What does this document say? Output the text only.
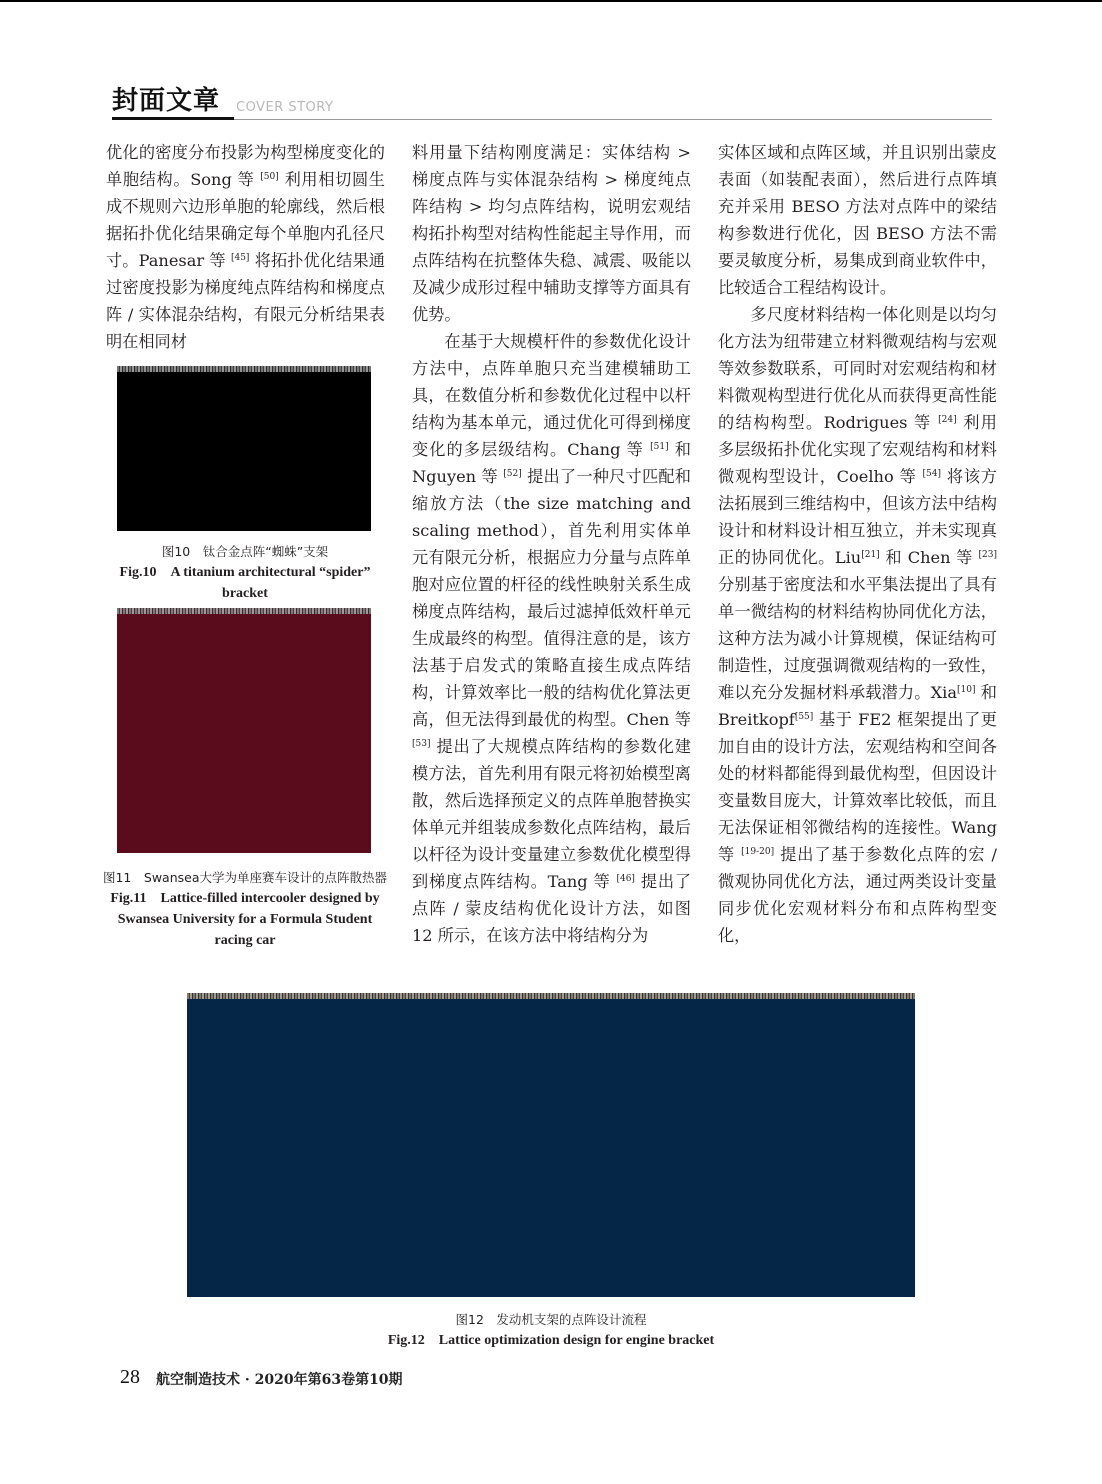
封面文章 COVER STORY

优化的密度分布投影为构型梯度变化的单胞结构。Song 等 [50] 利用相切圆生成不规则六边形单胞的轮廓线，然后根据拓扑优化结果确定每个单胞内孔径尺寸。Panesar 等 [45] 将拓扑优化结果通过密度投影为梯度纯点阵结构和梯度点阵 / 实体混杂结构，有限元分析结果表明在相同材

料用量下结构刚度满足：实体结构 > 梯度点阵与实体混杂结构 > 梯度纯点阵结构 > 均匀点阵结构，说明宏观结构拓扑构型对结构性能起主导作用，而点阵结构在抗整体失稳、减震、吸能以及减少成形过程中辅助支撑等方面具有优势。

在基于大规模杆件的参数优化设计方法中，点阵单胞只充当建模辅助工具，在数值分析和参数优化过程中以杆结构为基本单元，通过优化可得到梯度变化的多层级结构。Chang 等 [51] 和 Nguyen 等 [52] 提出了一种尺寸匹配和缩放方法（the size matching and scaling method），首先利用实体单元有限元分析，根据应力分量与点阵单胞对应位置的杆径的线性映射关系生成梯度点阵结构，最后过滤掉低效杆单元生成最终的构型。值得注意的是，该方法基于启发式的策略直接生成点阵结构，计算效率比一般的结构优化算法更高，但无法得到最优的构型。Chen 等 [53] 提出了大规模点阵结构的参数化建模方法，首先利用有限元将初始模型离散，然后选择预定义的点阵单胞替换实体单元并组装成参数化点阵结构，最后以杆径为设计变量建立参数优化模型得到梯度点阵结构。Tang 等 [46] 提出了点阵 / 蒙皮结构优化设计方法，如图 12 所示，在该方法中将结构分为

实体区域和点阵区域，并且识别出蒙皮表面（如装配表面），然后进行点阵填充并采用 BESO 方法对点阵中的梁结构参数进行优化，因 BESO 方法不需要灵敏度分析，易集成到商业软件中，比较适合工程结构设计。

多尺度材料结构一体化则是以均匀化方法为纽带建立材料微观结构与宏观等效参数联系，可同时对宏观结构和材料微观构型进行优化从而获得更高性能的结构构型。Rodrigues 等 [24] 利用多层级拓扑优化实现了宏观结构和材料微观构型设计，Coelho 等 [54] 将该方法拓展到三维结构中，但该方法中结构设计和材料设计相互独立，并未实现真正的协同优化。Liu[21] 和 Chen 等 [23] 分别基于密度法和水平集法提出了具有单一微结构的材料结构协同优化方法，这种方法为减小计算规模，保证结构可制造性，过度强调微观结构的一致性，难以充分发掘材料承载潜力。Xia[10] 和 Breitkopf[55] 基于 FE2 框架提出了更加自由的设计方法，宏观结构和空间各处的材料都能得到最优构型，但因设计变量数目庞大，计算效率比较低，而且无法保证相邻微结构的连接性。Wang 等 [19-20] 提出了基于参数化点阵的宏 / 微观协同优化方法，通过两类设计变量同步优化宏观材料分布和点阵构型变化，

图10　钛合金点阵“蜘蛛”支架
Fig.10　A titanium architectural “spider” bracket
图11　Swansea大学为单座赛车设计的点阵散热器
Fig.11　Lattice-filled intercooler designed by Swansea University for a Formula Student racing car
图12　发动机支架的点阵设计流程
Fig.12　Lattice optimization design for engine bracket
28 航空制造技术 · 2020年第63卷第10期
